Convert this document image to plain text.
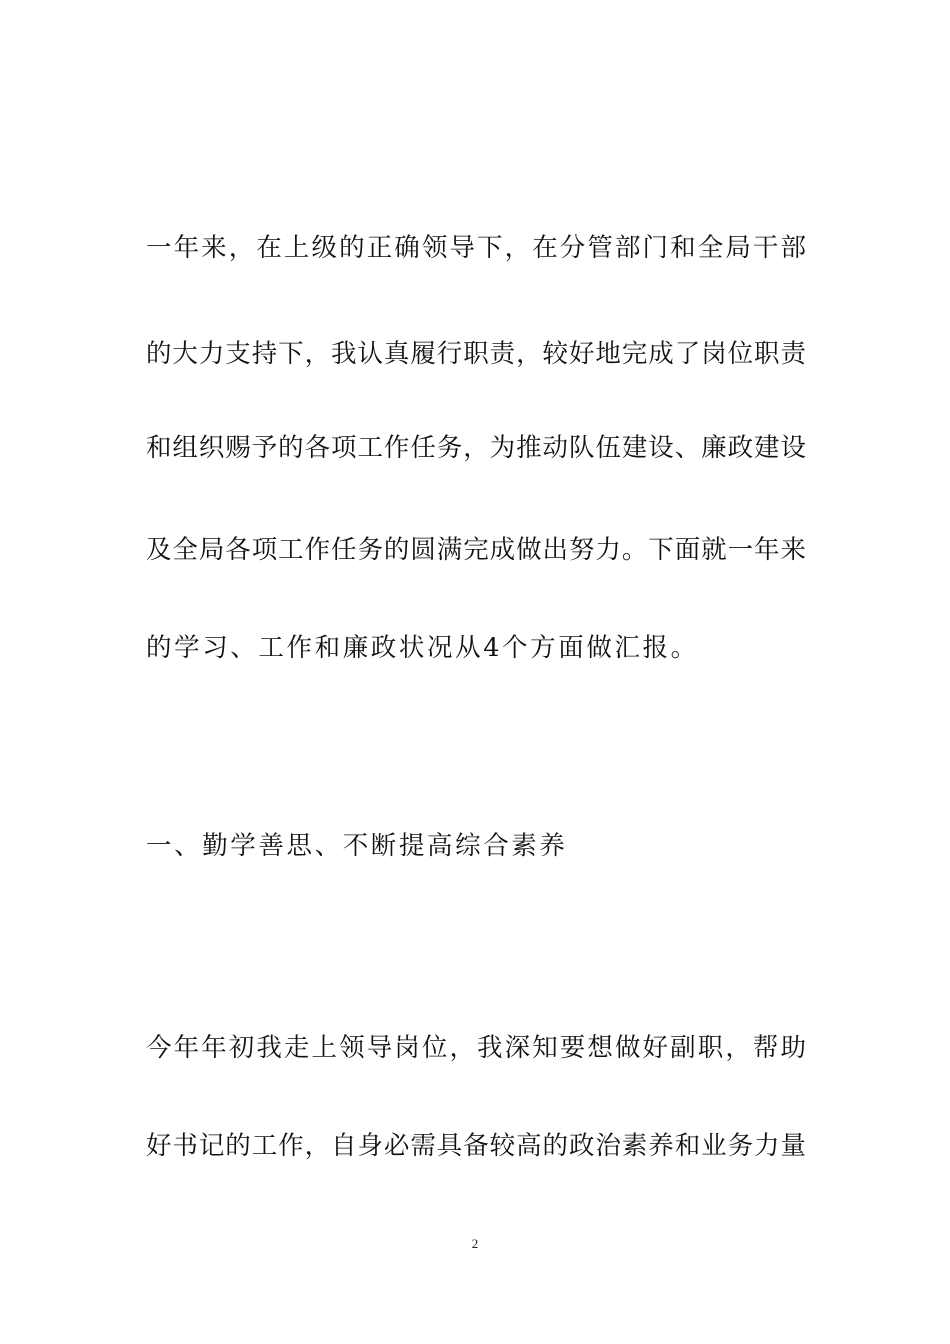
一年来，在上级的正确领导下，在分管部门和全局干部
的大力支持下，我认真履行职责，较好地完成了岗位职责
和组织赐予的各项工作任务，为推动队伍建设、廉政建设
及全局各项工作任务的圆满完成做出努力。下面就一年来
的学习、工作和廉政状况从4个方面做汇报。
一、勤学善思、不断提高综合素养
今年年初我走上领导岗位，我深知要想做好副职，帮助
好书记的工作，自身必需具备较高的政治素养和业务力量
2
